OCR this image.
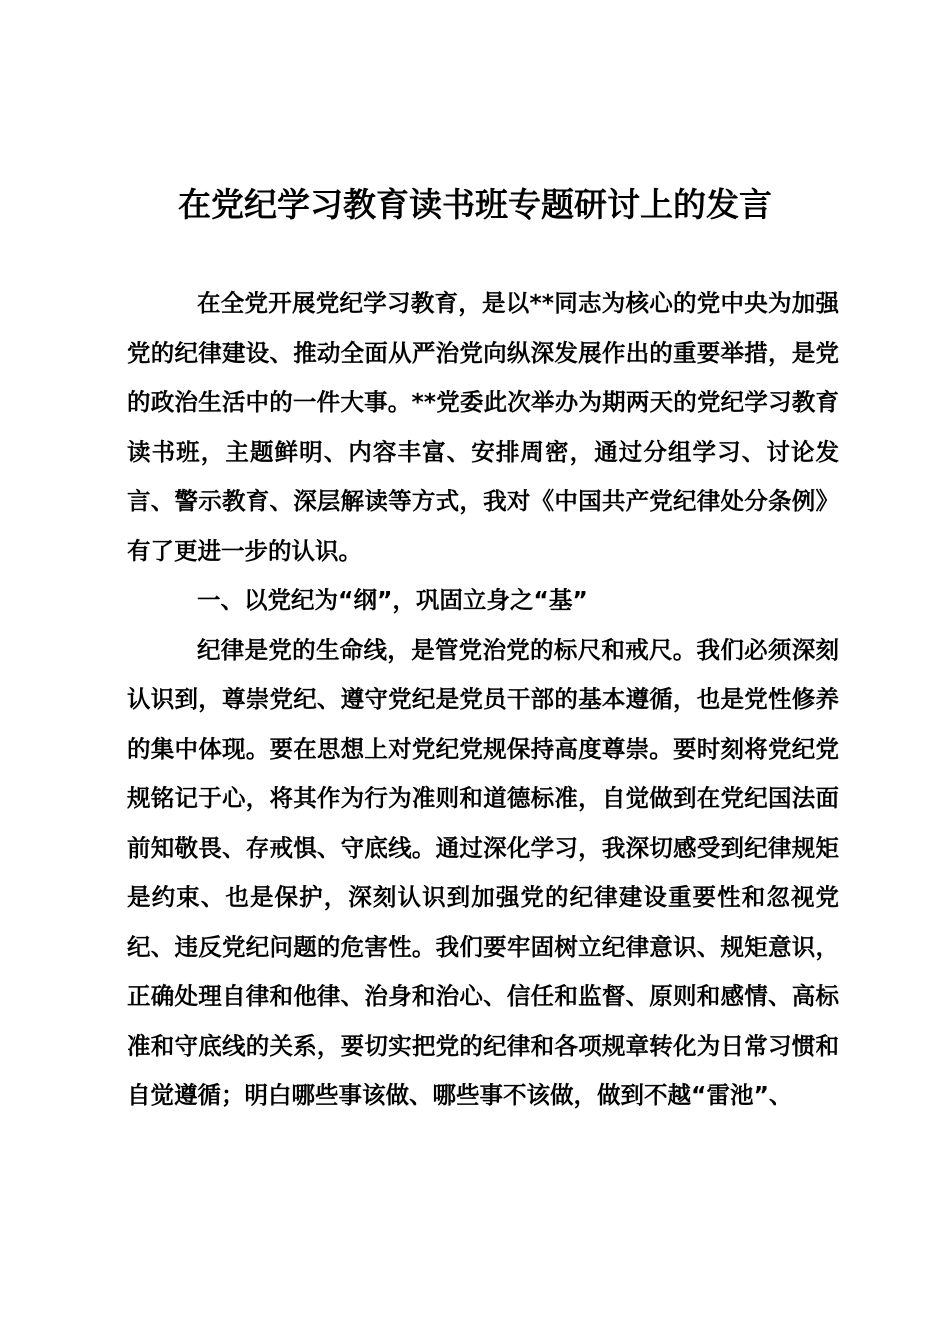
在党纪学习教育读书班专题研讨上的发言

在全党开展党纪学习教育，是以**同志为核心的党中央为加强党的纪律建设、推动全面从严治党向纵深发展作出的重要举措，是党的政治生活中的一件大事。**党委此次举办为期两天的党纪学习教育读书班，主题鲜明、内容丰富、安排周密，通过分组学习、讨论发言、警示教育、深层解读等方式，我对《中国共产党纪律处分条例》有了更进一步的认识。

一、以党纪为“纲”，巩固立身之“基”

纪律是党的生命线，是管党治党的标尺和戒尺。我们必须深刻认识到，尊崇党纪、遵守党纪是党员干部的基本遵循，也是党性修养的集中体现。要在思想上对党纪党规保持高度尊崇。要时刻将党纪党规铭记于心，将其作为行为准则和道德标准，自觉做到在党纪国法面前知敬畏、存戒惧、守底线。通过深化学习，我深切感受到纪律规矩是约束、也是保护，深刻认识到加强党的纪律建设重要性和忽视党纪、违反党纪问题的危害性。我们要牢固树立纪律意识、规矩意识，正确处理自律和他律、治身和治心、信任和监督、原则和感情、高标准和守底线的关系，要切实把党的纪律和各项规章转化为日常习惯和自觉遵循；明白哪些事该做、哪些事不该做，做到不越“雷池”、
